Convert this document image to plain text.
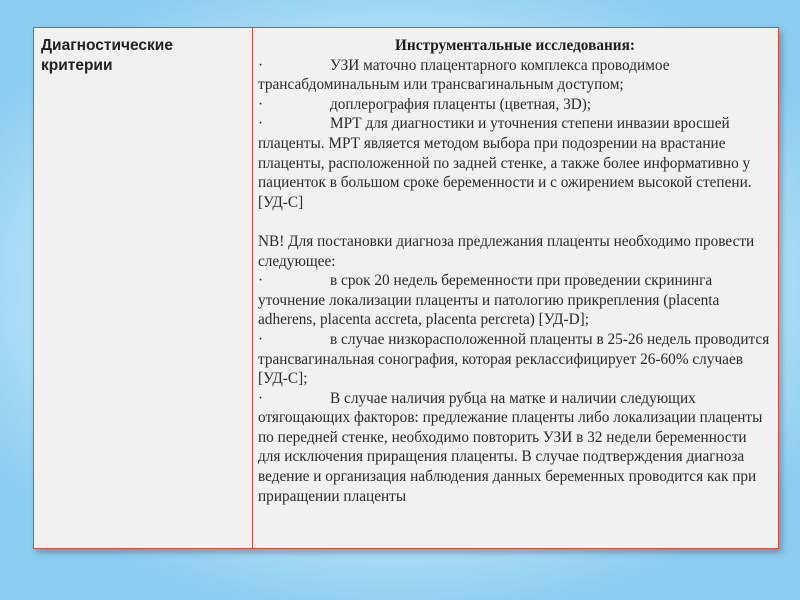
Диагностические критерии
Инструментальные исследования:

·	УЗИ маточно плацентарного комплекса проводимое трансабдоминальным или трансвагинальным доступом;

·	доплерография плаценты (цветная, 3D);

·	МРТ для диагностики и уточнения степени инвазии вросшей плаценты. МРТ является методом выбора при подозрении на врастание плаценты, расположенной по задней стенке, а также более информативно у пациенток в большом сроке беременности и с ожирением высокой степени. [УД-С]

NB! Для постановки диагноза предлежания плаценты необходимо провести следующее:

·	в срок 20 недель беременности при проведении скрининга уточнение локализации плаценты и патологию прикрепления (placenta adherens, placenta accreta, placenta percreta) [УД-D];

·	в случае низкорасположенной плаценты в 25-26 недель проводится трансвагинальная сонография, которая реклассифицирует 26-60% случаев [УД-С];

·	В случае наличия рубца на матке и наличии следующих отягощающих факторов: предлежание плаценты либо локализации плаценты по передней стенке, необходимо повторить УЗИ в 32 недели беременности для исключения приращения плаценты. В случае подтверждения диагноза ведение и организация наблюдения данных беременных проводится как при приращении плаценты
